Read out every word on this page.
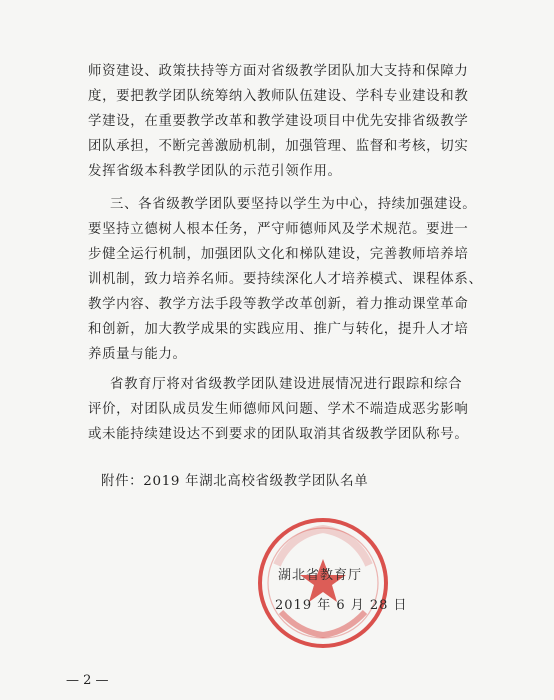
师资建设、政策扶持等方面对省级教学团队加大支持和保障力
度，要把教学团队统筹纳入教师队伍建设、学科专业建设和教
学建设，在重要教学改革和教学建设项目中优先安排省级教学
团队承担，不断完善激励机制，加强管理、监督和考核，切实
发挥省级本科教学团队的示范引领作用。
三、各省级教学团队要坚持以学生为中心，持续加强建设。
要坚持立德树人根本任务，严守师德师风及学术规范。要进一
步健全运行机制，加强团队文化和梯队建设，完善教师培养培
训机制，致力培养名师。要持续深化人才培养模式、课程体系、
教学内容、教学方法手段等教学改革创新，着力推动课堂革命
和创新，加大教学成果的实践应用、推广与转化，提升人才培
养质量与能力。
省教育厅将对省级教学团队建设进展情况进行跟踪和综合
评价，对团队成员发生师德师风问题、学术不端造成恶劣影响
或未能持续建设达不到要求的团队取消其省级教学团队称号。
附件：2019 年湖北高校省级教学团队名单
湖北省教育厅
2019 年 6 月 28 日
— 2 —
